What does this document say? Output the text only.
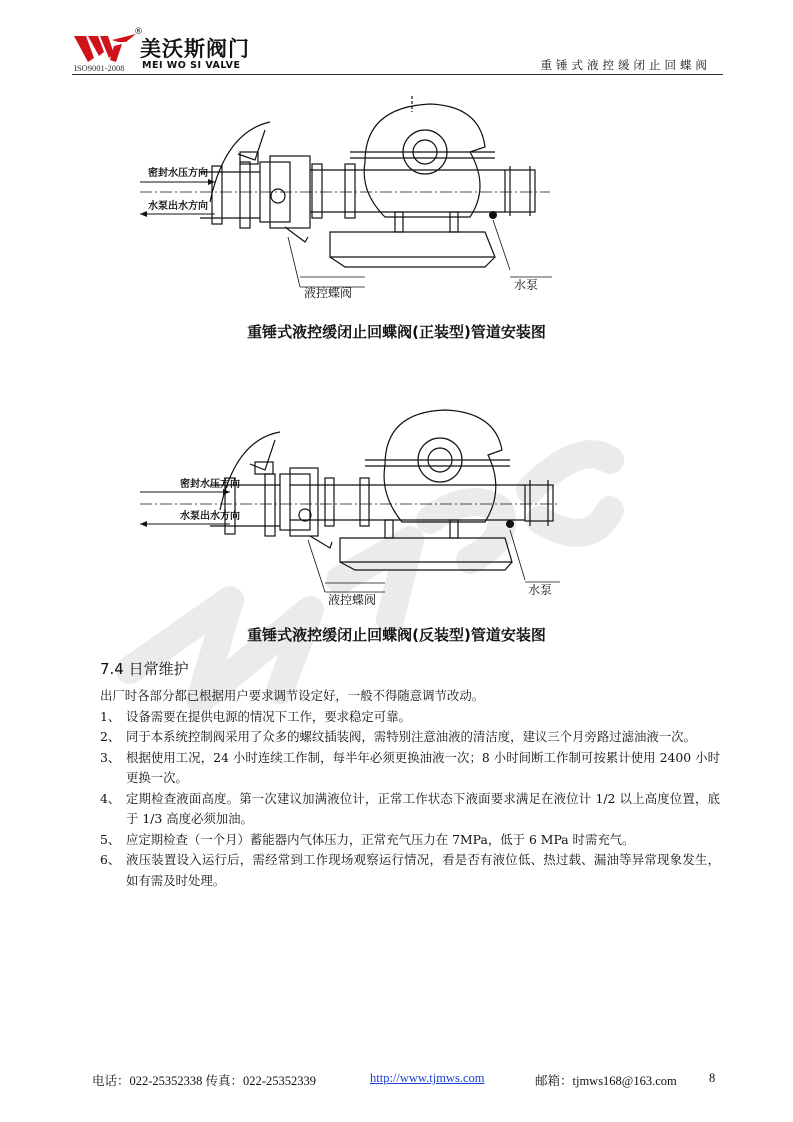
®
美沃斯阀门
MEI WO SI VALVE
ISO9001-2008	重锤式液控缓闭止回蝶阀
密封水压方向
水泵出水方向
液控蝶阀
水泵
重锤式液控缓闭止回蝶阀(正装型)管道安装图
密封水压方向
水泵出水方向
液控蝶阀
水泵
重锤式液控缓闭止回蝶阀(反装型)管道安装图
7.4 日常维护
出厂时各部分都已根据用户要求调节设定好，一般不得随意调节改动。
1、 设备需要在提供电源的情况下工作，要求稳定可靠。
2、 同于本系统控制阀采用了众多的螺纹插装阀，需特别注意油液的清洁度，建议三个月旁路过滤油液一次。
3、 根据使用工况，24 小时连续工作制，每半年必须更换油液一次；8 小时间断工作制可按累计使用 2400 小时更换一次。
4、 定期检查液面高度。第一次建议加满液位计，正常工作状态下液面要求满足在液位计 1/2 以上高度位置，底于 1/3 高度必须加油。
5、 应定期检查（一个月）蓄能器内气体压力，正常充气压力在 7MPa，低于 6 MPa 时需充气。
6、 液压装置设入运行后，需经常到工作现场观察运行情况，看是否有液位低、热过载、漏油等异常现象发生，如有需及时处理。
电话：022-25352338 传真：022-25352339	http://www.tjmws.com	邮箱：tjmws168@163.com	8
